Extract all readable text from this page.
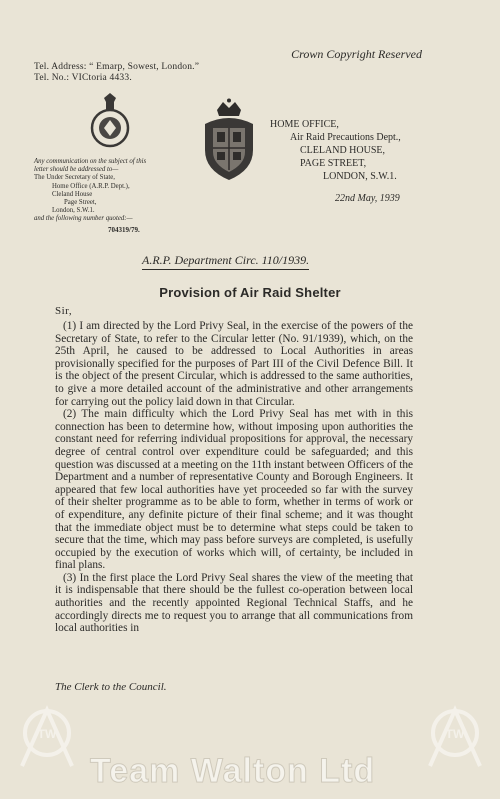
Crown Copyright Reserved
Tel. Address: “ Emarp, Sowest, London.”
Tel. No.: VICtoria 4433.
Any communication on the subject of this
letter should be addressed to—
The Under Secretary of State,
Home Office (A.R.P. Dept.),
Cleland House
Page Street,
London, S.W.1.
and the following number quoted:—
704319/79.
HOME OFFICE,
Air Raid Precautions Dept.,
CLELAND HOUSE,
PAGE STREET,
LONDON, S.W.1.
22nd May, 1939
A.R.P. Department Circ. 110/1939.
Provision of Air Raid Shelter
Sir,

(1) I am directed by the Lord Privy Seal, in the exercise of the powers of the Secretary of State, to refer to the Circular letter (No. 91/1939), which, on the 25th April, he caused to be addressed to Local Authorities in areas provisionally specified for the purposes of Part III of the Civil Defence Bill. It is the object of the present Circular, which is addressed to the same authorities, to give a more detailed account of the administrative and other arrangements for carrying out the policy laid down in that Circular.

(2) The main difficulty which the Lord Privy Seal has met with in this connection has been to determine how, without imposing upon authorities the constant need for referring individual propositions for approval, the necessary degree of central control over expenditure could be safeguarded; and this question was discussed at a meeting on the 11th instant between Officers of the Department and a number of representative County and Borough Engineers. It appeared that few local authorities have yet proceeded so far with the survey of their shelter programme as to be able to form, whether in terms of work or of expenditure, any definite picture of their final scheme; and it was thought that the immediate object must be to determine what steps could be taken to secure that the time, which may pass before surveys are completed, is usefully occupied by the execution of works which will, of certainty, be included in final plans.

(3) In the first place the Lord Privy Seal shares the view of the meeting that it is indispensable that there should be the fullest co-operation between local authorities and the recently appointed Regional Technical Staffs, and he accordingly directs me to request you to arrange that all communications from local authorities in

The Clerk to the Council.
TW	TW
Team Walton Ltd
